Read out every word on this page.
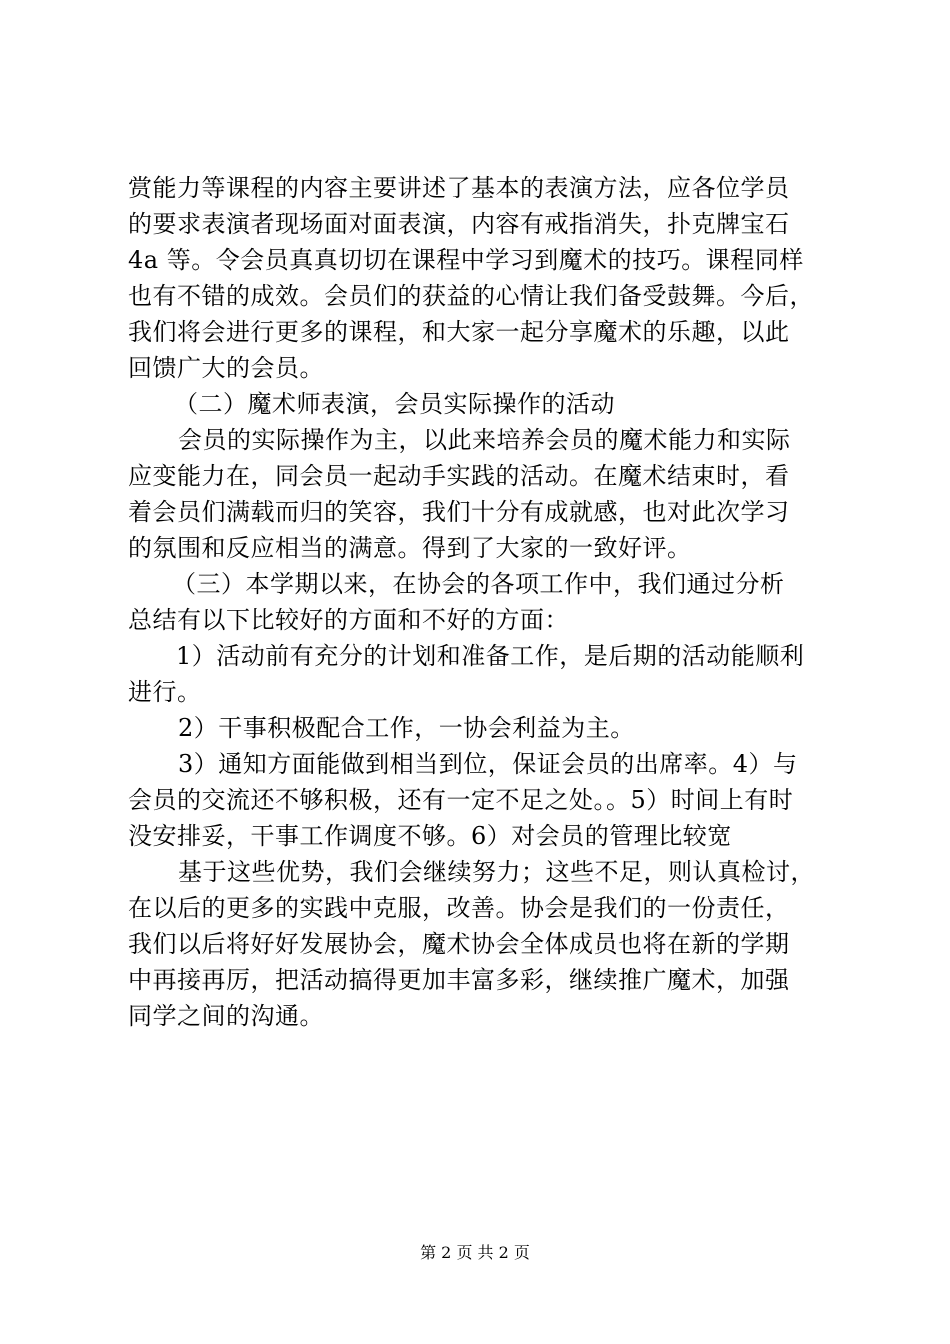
赏能力等课程的内容主要讲述了基本的表演方法，应各位学员
的要求表演者现场面对面表演，内容有戒指消失，扑克牌宝石
4a 等。令会员真真切切在课程中学习到魔术的技巧。课程同样
也有不错的成效。会员们的获益的心情让我们备受鼓舞。今后，
我们将会进行更多的课程，和大家一起分享魔术的乐趣，以此
回馈广大的会员。
（二）魔术师表演，会员实际操作的活动
会员的实际操作为主，以此来培养会员的魔术能力和实际
应变能力在，同会员一起动手实践的活动。在魔术结束时，看
着会员们满载而归的笑容，我们十分有成就感，也对此次学习
的氛围和反应相当的满意。得到了大家的一致好评。
（三）本学期以来，在协会的各项工作中，我们通过分析
总结有以下比较好的方面和不好的方面：
1）活动前有充分的计划和准备工作，是后期的活动能顺利
进行。
2）干事积极配合工作，一协会利益为主。
3）通知方面能做到相当到位，保证会员的出席率。4）与
会员的交流还不够积极，还有一定不足之处。。5）时间上有时
没安排妥，干事工作调度不够。6）对会员的管理比较宽
基于这些优势，我们会继续努力；这些不足，则认真检讨，
在以后的更多的实践中克服，改善。协会是我们的一份责任，
我们以后将好好发展协会，魔术协会全体成员也将在新的学期
中再接再厉，把活动搞得更加丰富多彩，继续推广魔术，加强
同学之间的沟通。
第 2 页 共 2 页
